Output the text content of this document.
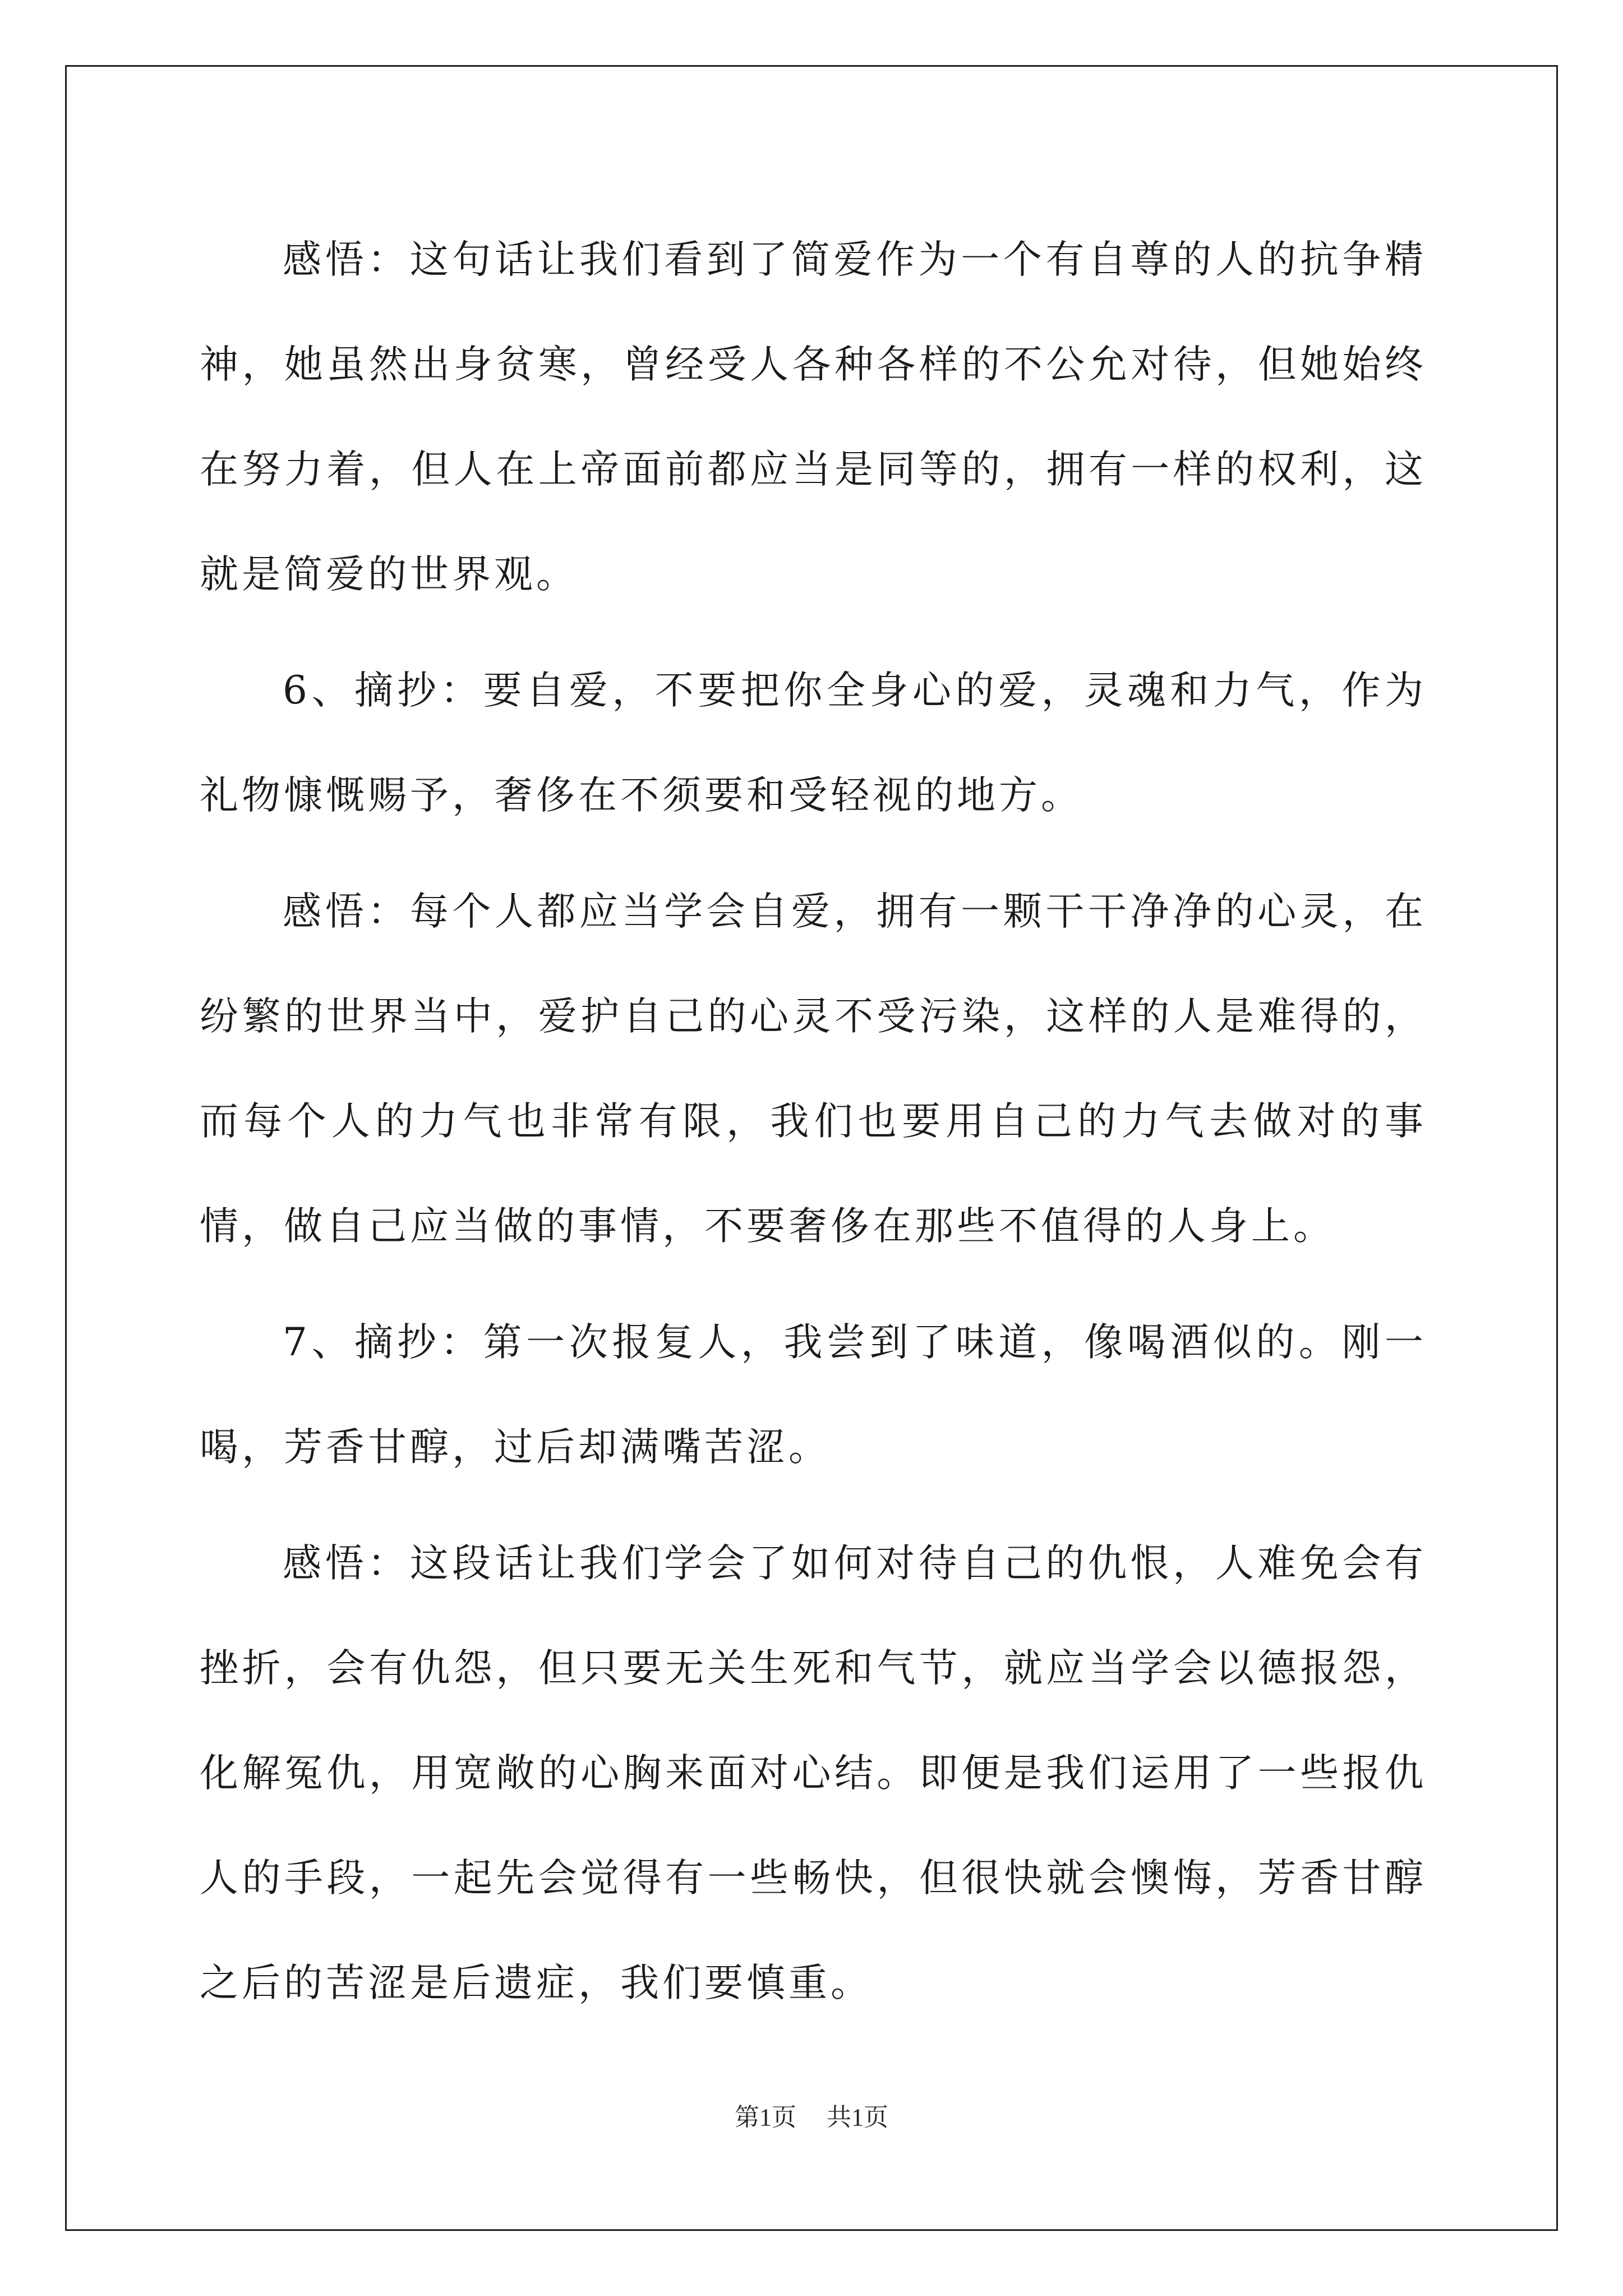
感悟：这句话让我们看到了简爱作为一个有自尊的人的抗争精神，她虽然出身贫寒，曾经受人各种各样的不公允对待，但她始终在努力着，但人在上帝面前都应当是同等的，拥有一样的权利，这就是简爱的世界观。

6、摘抄：要自爱，不要把你全身心的爱，灵魂和力气，作为礼物慷慨赐予，奢侈在不须要和受轻视的地方。

感悟：每个人都应当学会自爱，拥有一颗干干净净的心灵，在纷繁的世界当中，爱护自己的心灵不受污染，这样的人是难得的，而每个人的力气也非常有限，我们也要用自己的力气去做对的事情，做自己应当做的事情，不要奢侈在那些不值得的人身上。

7、摘抄：第一次报复人，我尝到了味道，像喝酒似的。刚一喝，芳香甘醇，过后却满嘴苦涩。

感悟：这段话让我们学会了如何对待自己的仇恨，人难免会有挫折，会有仇怨，但只要无关生死和气节，就应当学会以德报怨，化解冤仇，用宽敞的心胸来面对心结。即便是我们运用了一些报仇人的手段，一起先会觉得有一些畅快，但很快就会懊悔，芳香甘醇之后的苦涩是后遗症，我们要慎重。

第1页 共1页
